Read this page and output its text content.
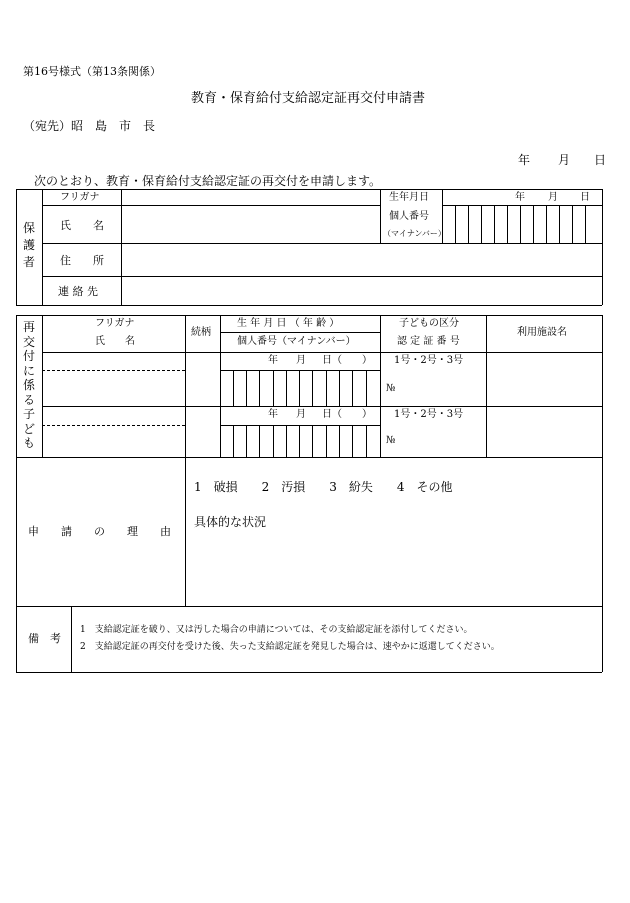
第16号様式（第13条関係）
教育・保育給付支給認定証再交付申請書
（宛先）昭　島　市　長
年 月 日
次のとおり、教育・保育給付支給認定証の再交付を申請します。
保
護
者
フリガナ
氏　　名
生年月日	年 月 日
個人番号
（マイナンバー）
住　　所
連 絡 先
再
交
付
に
係
る
子
ど
も
フリガナ
氏　　名
続柄
生 年 月 日 （ 年 齢 ）
個人番号（マイナンバー）
子どもの区分
認 定 証 番 号
利用施設名
年 月 日（　　） 1号・2号・3号
№
年 月 日（　　） 1号・2号・3号
№
申　　請　　の　　理　　由
1　破損　　2　汚損　　3　紛失　　4　その他
具体的な状況
備　考
1　支給認定証を破り、又は汚した場合の申請については、その支給認定証を添付してください。
2　支給認定証の再交付を受けた後、失った支給認定証を発見した場合は、速やかに返還してください。
